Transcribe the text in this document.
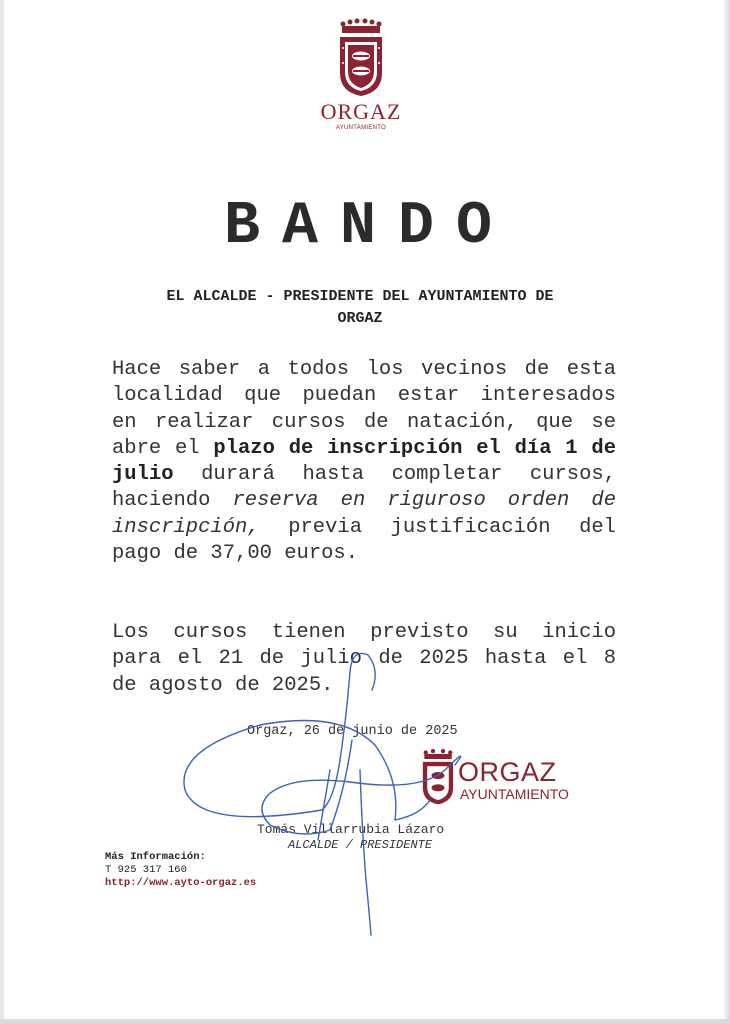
ORGAZ
AYUNTAMIENTO
BANDO
EL ALCALDE - PRESIDENTE DEL AYUNTAMIENTO DE
ORGAZ
Hace saber a todos los vecinos de esta localidad que puedan estar interesados en realizar cursos de natación, que se abre el plazo de inscripción el día 1 de julio durará hasta completar cursos, haciendo reserva en riguroso orden de inscripción, previa justificación del pago de 37,00 euros.
Los cursos tienen previsto su inicio para el 21 de julio de 2025 hasta el 8 de agosto de 2025.
Orgaz, 26 de junio de 2025
ORGAZ
AYUNTAMIENTO
Tomás Villarrubia Lázaro
ALCALDE / PRESIDENTE
Más Información:
T 925 317 160
http://www.ayto-orgaz.es
